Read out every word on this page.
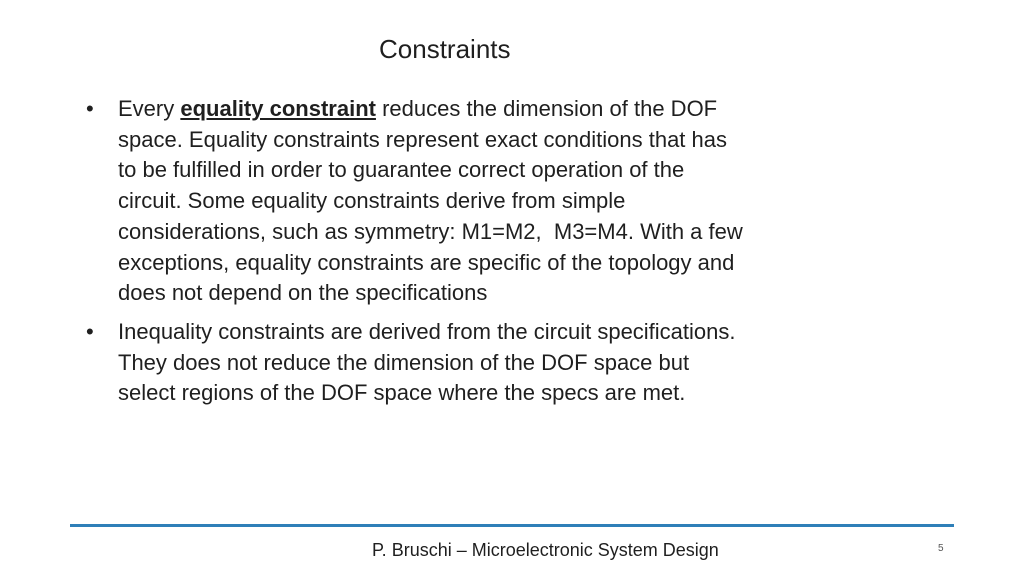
Constraints
• Every equality constraint reduces the dimension of the DOF
space. Equality constraints represent exact conditions that has
to be fulfilled in order to guarantee correct operation of the
circuit. Some equality constraints derive from simple
considerations, such as symmetry: M1=M2,  M3=M4. With a few
exceptions, equality constraints are specific of the topology and
does not depend on the specifications
• Inequality constraints are derived from the circuit specifications.
They does not reduce the dimension of the DOF space but
select regions of the DOF space where the specs are met.
P. Bruschi – Microelectronic System Design	5
